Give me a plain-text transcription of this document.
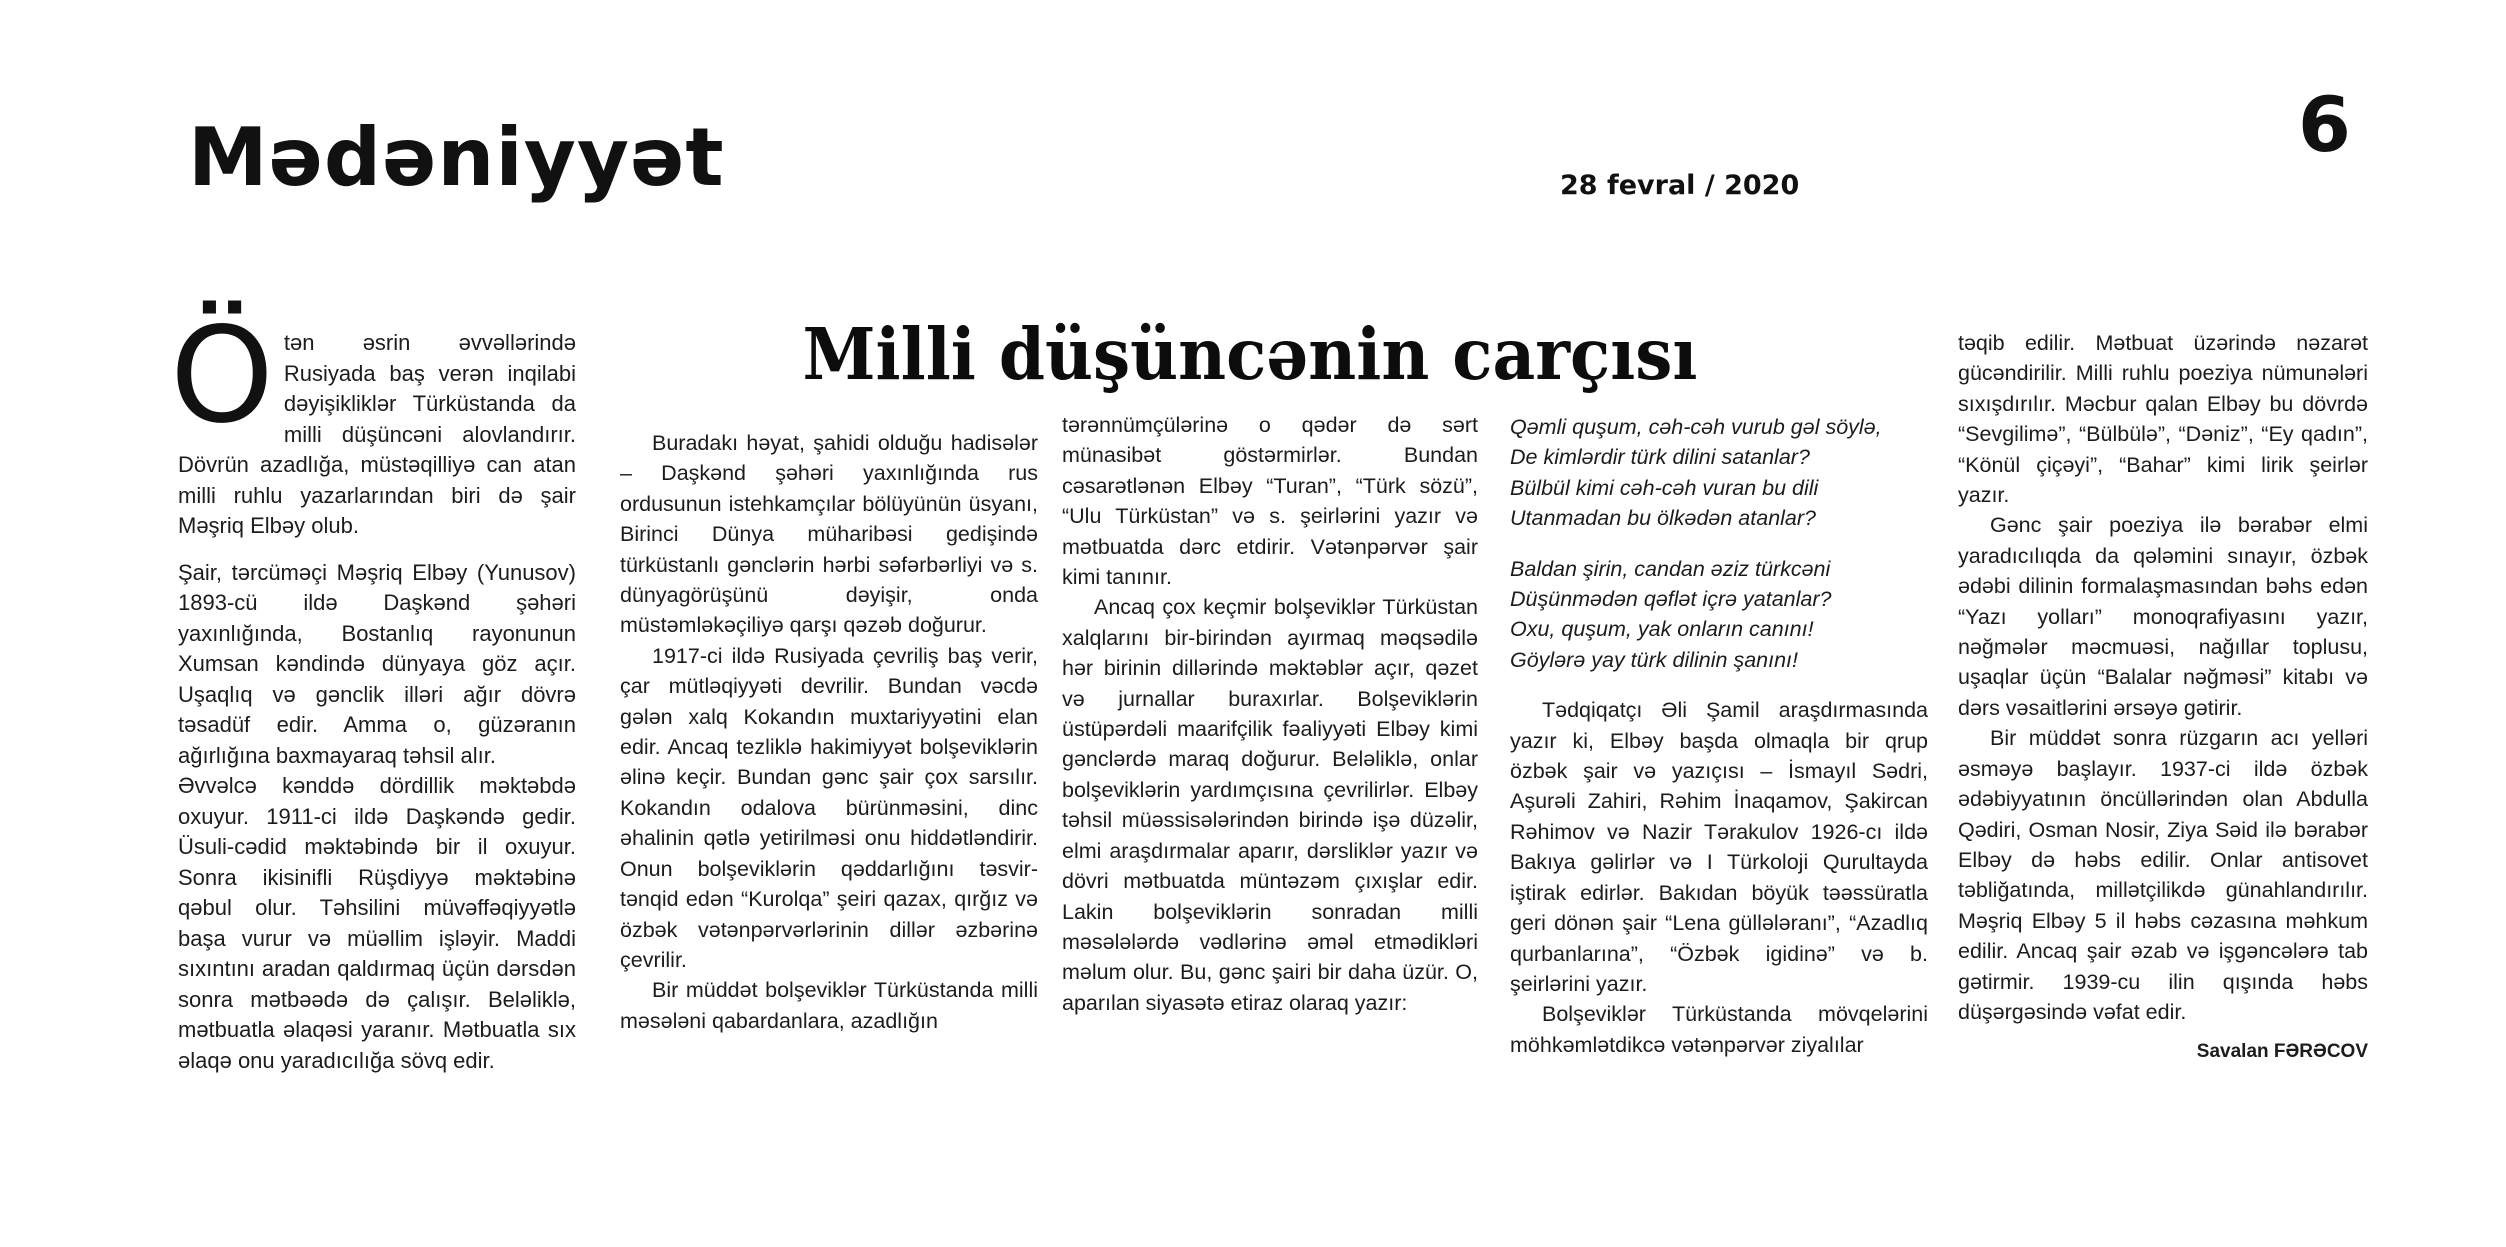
Mədəniyyət	28 fevral / 2020
6
Milli düşüncənin carçısı

Ötən əsrin əvvəllərində Rusiyada baş verən inqilabi dəyişikliklər Türküstanda da milli düşüncəni alovlandırır. Dövrün azadlığa, müstəqilliyə can atan milli ruhlu yazarlarından biri də şair Məşriq Elbəy olub.

Şair, tərcüməçi Məşriq Elbəy (Yunusov) 1893-cü ildə Daşkənd şəhəri yaxınlığında, Bostanlıq rayonunun Xumsan kəndində dünyaya göz açır. Uşaqlıq və gənclik illəri ağır dövrə təsadüf edir. Amma o, güzəranın ağırlığına baxmayaraq təhsil alır.

Əvvəlcə kənddə dördillik məktəbdə oxuyur. 1911-ci ildə Daşkəndə gedir. Üsuli-cədid məktəbində bir il oxuyur. Sonra ikisinifli Rüşdiyyə məktəbinə qəbul olur. Təhsilini müvəffəqiyyətlə başa vurur və müəllim işləyir. Maddi sıxıntını aradan qaldırmaq üçün dərsdən sonra mətbəədə də çalışır. Beləliklə, mətbuatla əlaqəsi yaranır. Mətbuatla sıx əlaqə onu yaradıcılığa sövq edir.

Buradakı həyat, şahidi olduğu hadisələr – Daşkənd şəhəri yaxınlığında rus ordusunun istehkamçılar bölüyünün üsyanı, Birinci Dünya müharibəsi gedişində türküstanlı gənclərin hərbi səfərbərliyi və s. dünyagörüşünü dəyişir, onda müstəmləkəçiliyə qarşı qəzəb doğurur.

1917-ci ildə Rusiyada çevriliş baş verir, çar mütləqiyyəti devrilir. Bundan vəcdə gələn xalq Kokandın muxtariyyətini elan edir. Ancaq tezliklə hakimiyyət bolşeviklərin əlinə keçir. Bundan gənc şair çox sarsılır. Kokandın odalova bürünməsini, dinc əhalinin qətlə yetirilməsi onu hiddətləndirir. Onun bolşeviklərin qəddarlığını təsvir-tənqid edən “Kurolqa” şeiri qazax, qırğız və özbək vətənpərvərlərinin dillər əzbərinə çevrilir.

Bir müddət bolşeviklər Türküstanda milli məsələni qabardanlara, azadlığın

tərənnümçülərinə o qədər də sərt münasibət göstərmirlər. Bundan cəsarətlənən Elbəy “Turan”, “Türk sözü”, “Ulu Türküstan” və s. şeirlərini yazır və mətbuatda dərc etdirir. Vətənpərvər şair kimi tanınır.

Ancaq çox keçmir bolşeviklər Türküstan xalqlarını bir-birindən ayırmaq məqsədilə hər birinin dillərində məktəblər açır, qəzet və jurnallar buraxırlar. Bolşeviklərin üstüpərdəli maarifçilik fəaliyyəti Elbəy kimi gənclərdə maraq doğurur. Beləliklə, onlar bolşeviklərin yardımçısına çevrilirlər. Elbəy təhsil müəssisələrindən birində işə düzəlir, elmi araşdırmalar aparır, dərsliklər yazır və dövri mətbuatda müntəzəm çıxışlar edir. Lakin bolşeviklərin sonradan milli məsələlərdə vədlərinə əməl etmədikləri məlum olur. Bu, gənc şairi bir daha üzür. O, aparılan siyasətə etiraz olaraq yazır:

Qəmli quşum, cəh-cəh vurub gəl söylə,

De kimlərdir türk dilini satanlar?

Bülbül kimi cəh-cəh vuran bu dili

Utanmadan bu ölkədən atanlar?

Baldan şirin, candan əziz türkcəni

Düşünmədən qəflət içrə yatanlar?

Oxu, quşum, yak onların canını!

Göylərə yay türk dilinin şanını!

Tədqiqatçı Əli Şamil araşdırmasında yazır ki, Elbəy başda olmaqla bir qrup özbək şair və yazıçısı – İsmayıl Sədri, Aşurəli Zahiri, Rəhim İnaqamov, Şakircan Rəhimov və Nazir Tərakulov 1926-cı ildə Bakıya gəlirlər və I Türkoloji Qurultayda iştirak edirlər. Bakıdan böyük təəssüratla geri dönən şair “Lena güllələranı”, “Azadlıq qurbanlarına”, “Özbək igidinə” və b. şeirlərini yazır.

Bolşeviklər Türküstanda mövqelərini möhkəmlətdikcə vətənpərvər ziyalılar

təqib edilir. Mətbuat üzərində nəzarət gücəndirilir. Milli ruhlu poeziya nümunələri sıxışdırılır. Məcbur qalan Elbəy bu dövrdə “Sevgilimə”, “Bülbülə”, “Dəniz”, “Ey qadın”, “Könül çiçəyi”, “Bahar” kimi lirik şeirlər yazır.

Gənc şair poeziya ilə bərabər elmi yaradıcılıqda da qələmini sınayır, özbək ədəbi dilinin formalaşmasından bəhs edən “Yazı yolları” monoqrafiyasını yazır, nəğmələr məcmuəsi, nağıllar toplusu, uşaqlar üçün “Balalar nəğməsi” kitabı və dərs vəsaitlərini ərsəyə gətirir.

Bir müddət sonra rüzgarın acı yelləri əsməyə başlayır. 1937-ci ildə özbək ədəbiyyatının öncüllərindən olan Abdulla Qədiri, Osman Nosir, Ziya Səid ilə bərabər Elbəy də həbs edilir. Onlar antisovet təbliğatında, millətçilikdə günahlandırılır. Məşriq Elbəy 5 il həbs cəzasına məhkum edilir. Ancaq şair əzab və işgəncələrə tab gətirmir. 1939-cu ilin qışında həbs düşərgəsində vəfat edir.

Savalan FƏRƏCOV
